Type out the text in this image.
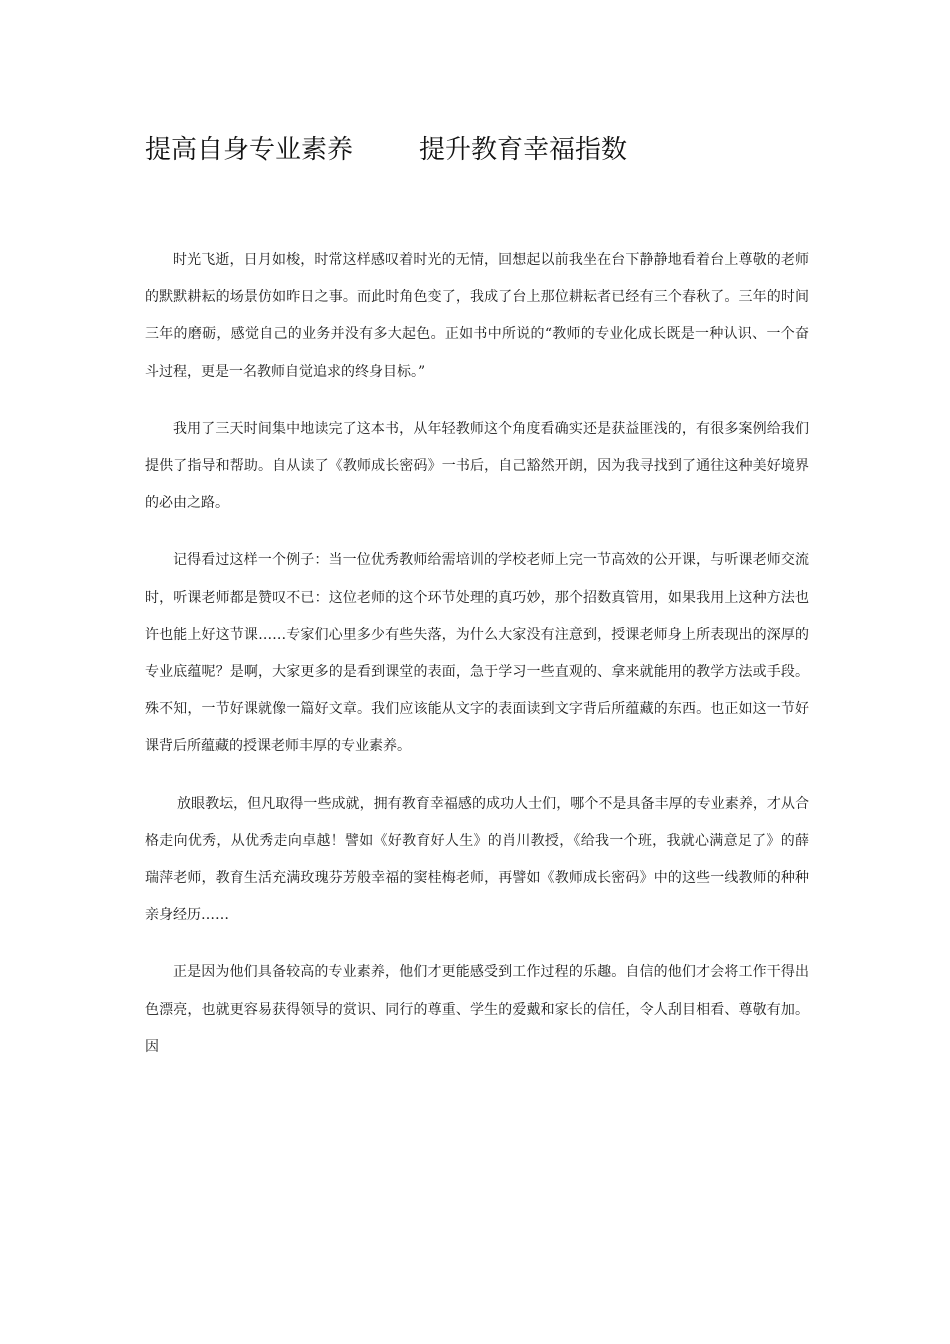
提高自身专业素养	提升教育幸福指数

时光飞逝，日月如梭，时常这样感叹着时光的无情，回想起以前我坐在台下静静地看着台上尊敬的老师的默默耕耘的场景仿如昨日之事。而此时角色变了，我成了台上那位耕耘者已经有三个春秋了。三年的时间三年的磨砺，感觉自己的业务并没有多大起色。正如书中所说的“教师的专业化成长既是一种认识、一个奋斗过程，更是一名教师自觉追求的终身目标。”

我用了三天时间集中地读完了这本书，从年轻教师这个角度看确实还是获益匪浅的，有很多案例给我们提供了指导和帮助。自从读了《教师成长密码》一书后，自己豁然开朗，因为我寻找到了通往这种美好境界的必由之路。

记得看过这样一个例子：当一位优秀教师给需培训的学校老师上完一节高效的公开课，与听课老师交流时，听课老师都是赞叹不已：这位老师的这个环节处理的真巧妙，那个招数真管用，如果我用上这种方法也许也能上好这节课……专家们心里多少有些失落，为什么大家没有注意到，授课老师身上所表现出的深厚的专业底蕴呢？是啊，大家更多的是看到课堂的表面，急于学习一些直观的、拿来就能用的教学方法或手段。殊不知，一节好课就像一篇好文章。我们应该能从文字的表面读到文字背后所蕴藏的东西。也正如这一节好课背后所蕴藏的授课老师丰厚的专业素养。

放眼教坛，但凡取得一些成就，拥有教育幸福感的成功人士们，哪个不是具备丰厚的专业素养，才从合格走向优秀，从优秀走向卓越！譬如《好教育好人生》的肖川教授，《给我一个班，我就心满意足了》的薛瑞萍老师，教育生活充满玫瑰芬芳般幸福的窦桂梅老师，再譬如《教师成长密码》中的这些一线教师的种种亲身经历……

正是因为他们具备较高的专业素养，他们才更能感受到工作过程的乐趣。自信的他们才会将工作干得出色漂亮，也就更容易获得领导的赏识、同行的尊重、学生的爱戴和家长的信任，令人刮目相看、尊敬有加。因
